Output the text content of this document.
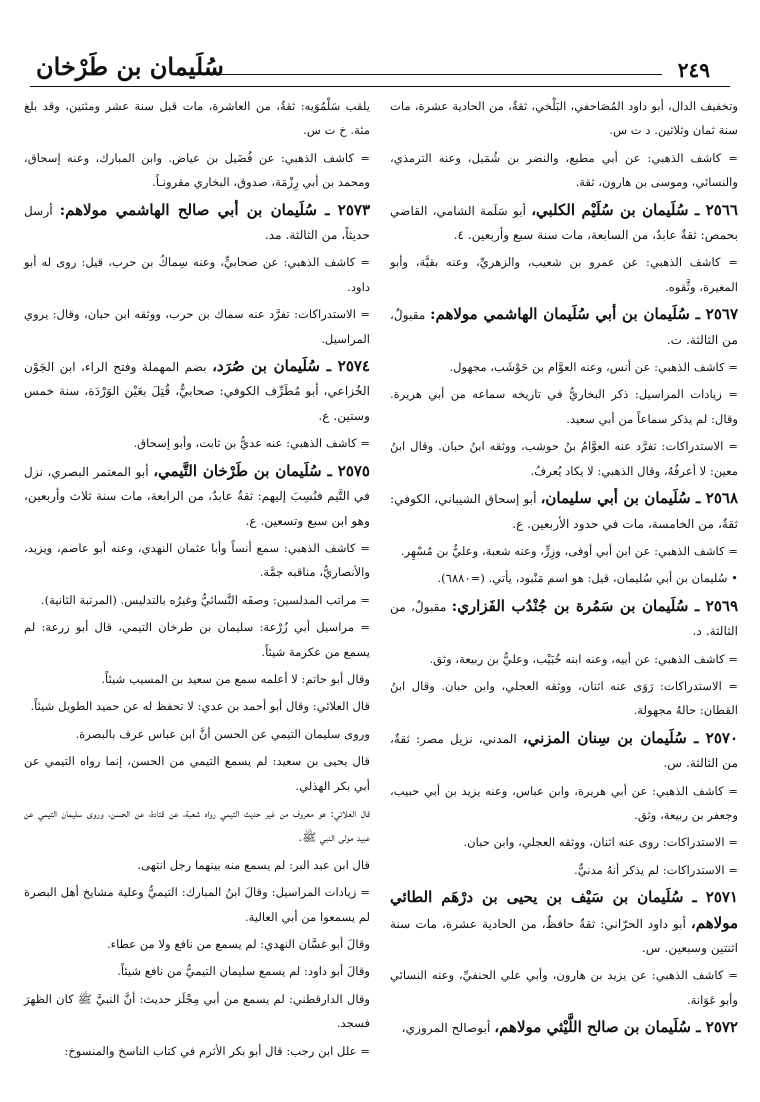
٢٤٩
سُلَيمان بن طَرْخان

وتخفيف الدال، أبو داود المُصَاحفي، البَلْخي، ثقةٌ، من الحادية عشرة، مات سنة ثمان وثلاثين. د ت س.

= كاشف الذهبي: عن أبي مطيع، والنضر بن شُمَيل، وعنه الترمذي، والنسائي، وموسى بن هارون، ثقة.

٢٥٦٦ ـ سُلَيمان بن سُلَيْم الكلبي، أبو سَلَمة الشامي، القاضي بحمص: ثقةٌ عابدٌ، من السابعة، مات سنة سبع وأربعين. ٤.

= كاشف الذهبي: عن عمرو بن شعيب، والزهريِّ، وعنه بقيَّة، وأبو المغيرة، وثَّقوه.

٢٥٦٧ ـ سُلَيمان بن أبي سُلَيمان الهاشمي مولاهم: مقبولٌ، من الثالثة. ت.

= كاشف الذهبي: عن أنس، وعنه العوَّام بن حَوْشَب، مجهول.

= زيادات المراسيل: ذكر البخاريُّ في تاريخه سماعه من أبي هريرة. وقال: لم يذكر سماعاً من أبي سعيد.

= الاستدراكات: تفرَّد عنه العوَّامُ بنُ حوشب، ووثقه ابنُ حبان. وقال ابنُ معين: لا أعرفُهُ، وقال الذهبي: لا يكاد يُعرفُ.

٢٥٦٨ ـ سُلَيمان بن أبي سليمان، أبو إسحاق الشيباني، الكوفي: ثقةٌ، من الخامسة، مات في حدود الأربعين. ع.

= كاشف الذهبي: عن ابن أبي أوفى، وزِرٍّ، وعنه شعبة، وعليُّ بن مُسْهِر.

• سُليمان بن أبي سُليمان، قيل: هو اسم مَنْبود، يأتي. (=٦٨٨٠).

٢٥٦٩ ـ سُلَيمان بن سَمُرة بن جُنْدُب الفَزاري: مقبولٌ، من الثالثة. د.

= كاشف الذهبي: عن أبيه، وعنه ابنه خُبَيْب، وعليُّ بن ربيعة، وثق.

= الاستدراكات: رَوَى عنه اثنان، ووثقه العجلي، وابن حبان. وقال ابنُ القطان: حالهُ مجهولة.

٢٥٧٠ ـ سُلَيمان بن سِنان المزني، المدني، نزيل مصر: ثقةٌ، من الثالثة. س.

= كاشف الذهبي: عن أبي هريرة، وابن عباس، وعنه يزيد بن أبي حبيب، وجعفر بن ربيعة، وثق.

= الاستدراكات: روى عنه اثنان، ووثقه العجلي، وابن حبان.

= الاستدراكات: لم يذكر أنهُ مدنيٌّ.

٢٥٧١ ـ سُلَيمان بن سَيْف بن يحيى بن درْهَم الطائي مولاهم، أبو داود الحرّاني: ثقةٌ حافظٌ، من الحادية عشرة، مات سنة اثنتين وسبعين. س.

= كاشف الذهبي: عن يزيد بن هارون، وأبي علي الحنفيِّ، وعنه النسائي وأبو عَوَانة.

٢٥٧٢ ـ سُلَيمان بن صالح اللَّيْثي مولاهم، أبوصالح المروزي،

يلقب سَلْمُوَيه: ثقةٌ، من العاشرة، مات قبل سنة عشر ومئتين، وقد بلغ مئة. خ ت س.

= كاشف الذهبي: عن فُضَيل بن عياض. وابن المبارك، وعنه إسحاق، ومحمد بن أبي رِزْمَة، صدوق، البخاري مقرونـاً.

٢٥٧٣ ـ سُلَيمان بن أبي صالح الهاشمي مولاهم: أرسل حديثاً، من الثالثة. مد.

= كاشف الذهبي: عن صحابيٍّ، وعنه سِماكُ بن حرب، قيل: روى له أبو داود.

= الاستدراكات: تفرَّد عنه سماك بن حرب، ووثقه ابن حبان، وقال: يروي المراسيل.

٢٥٧٤ ـ سُلَيمان بن صُرَد، بضم المهملة وفتح الراء، ابن الجَوْن الخُزاعي، أبو مُطَرِّف الكوفي: صحابيٌّ، قُتِلَ بعَيْن الوَرْدَة، سنة خمس وستين. ع.

= كاشف الذهبي: عنه عديُّ بن ثابت، وأبو إسحاق.

٢٥٧٥ ـ سُلَيمان بن طَرْخان التَّيمي، أبو المعتمر البصري، نزل في التَّيم فنُسِبَ إليهم: ثقةٌ عابدٌ، من الرابعة، مات سنة ثلاث وأربعين، وهو ابن سبع وتسعين. ع.

= كاشف الذهبي: سمع أنساً وأبا عثمان النهدي، وعنه أبو عاصم، ويزيد، والأنصاريُّ، مناقبه جمَّة.

= مراتب المدلسين: وصفَه النَّسائيُّ وغيرُه بالتدليس. (المرتبة الثانية).

= مراسيل أبي زُرْعة: سليمان بن طرخان التيمي، قال أبو زرعة: لم يسمع من عكرمة شيئاً.

وقال أبو حاتم: لا أعلمه سمع من سعيد بن المسيب شيئاً.

قال العلائي: وقال أبو أحمد بن عدي: لا تحفظ له عن حميد الطويل شيئاً.

وروى سليمان التيمي عن الحسن أنَّ ابن عباس عرف بالبصرة.

قال يحيى بن سعيد: لم يسمع التيمي من الحسن، إنما رواه التيمي عن أبي بكر الهذلي.

قال العلائي: هو معروف من غير حديث التيمي رواه شعبة، عن قتادة، عن الحسن، وروى سليمان التيمي عن عبيد مولى النبي ﷺ.

قال ابن عبد البر: لم يسمع منه بينهما رجل انتهى.

= زيادات المراسيل: وقالَ ابنُ المبارك: التيميُّ وعلية مشايخ أهل البصرة لم يسمعوا من أبي العالية.

وقالَ أبو غسَّان النهدي: لم يسمع من نافع ولا من عطاء.

وقالَ أبو داود: لم يسمع سليمان التيميُّ من نافع شيئاً.

وقال الدارقطني: لم يسمع من أبي مِجْلَز حديث: أنَّ النبيَّ ﷺ كان الظهرَ فسجد.

= علل ابن رجب: قال أبو بكر الأثرم في كتاب الناسخ والمنسوخ:
